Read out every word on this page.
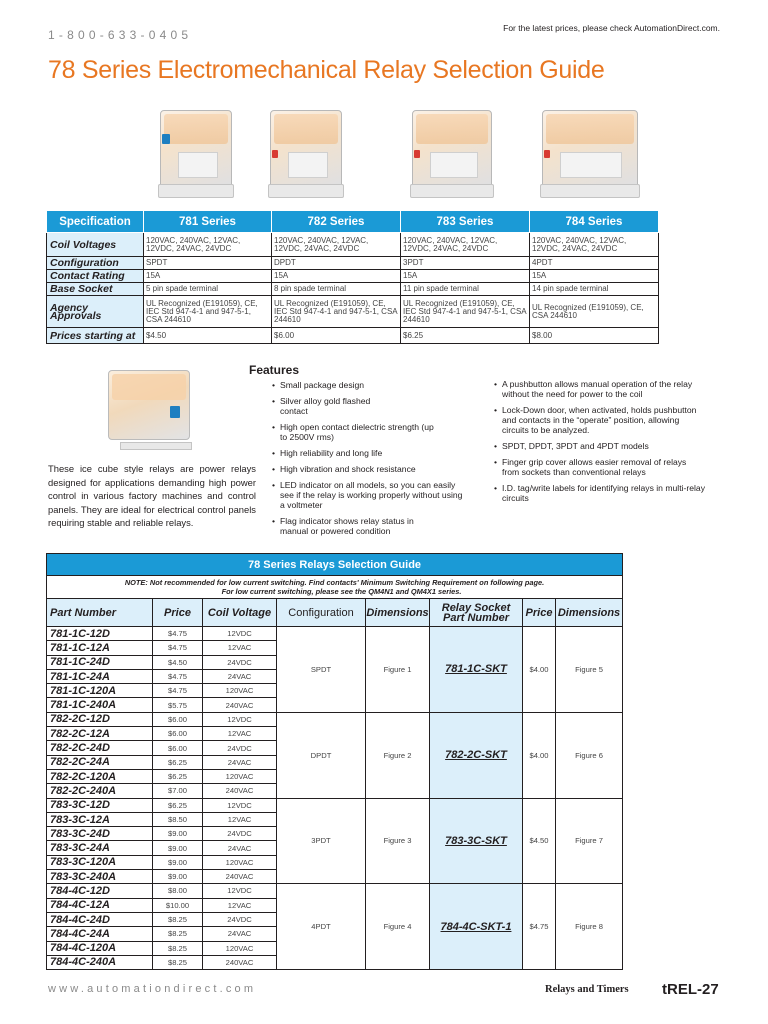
1-800-633-0405	For the latest prices, please check AutomationDirect.com.
78 Series Electromechanical Relay Selection Guide
Specification	781 Series	782 Series	783 Series	784 Series
Coil Voltages	120VAC, 240VAC, 12VAC, 12VDC, 24VAC, 24VDC	120VAC, 240VAC, 12VAC, 12VDC, 24VAC, 24VDC	120VAC, 240VAC, 12VAC, 12VDC, 24VAC, 24VDC	120VAC, 240VAC, 12VAC, 12VDC, 24VAC, 24VDC
Configuration	SPDT	DPDT	3PDT	4PDT
Contact Rating	15A	15A	15A	15A
Base Socket	5 pin spade terminal	8 pin spade terminal	11 pin spade terminal	14 pin spade terminal
Agency Approvals	UL Recognized (E191059), CE, IEC Std 947-4-1 and 947-5-1, CSA 244610	UL Recognized (E191059), CE, IEC Std 947-4-1 and 947-5-1, CSA 244610	UL Recognized (E191059), CE, IEC Std 947-4-1 and 947-5-1, CSA 244610	UL Recognized (E191059), CE, CSA 244610
Prices starting at	$4.50	$6.00	$6.25	$8.00
Features
• Small package design
• Silver alloy gold flashed contact
• High open contact dielectric strength (up to 2500V rms)
• High reliability and long life
• High vibration and shock resistance
• LED indicator on all models, so you can easily see if the relay is working properly without using a voltmeter
• Flag indicator shows relay status in manual or powered condition
• A pushbutton allows manual operation of the relay without the need for power to the coil
• Lock-Down door, when activated, holds pushbutton and contacts in the “operate” position, allowing circuits to be analyzed.
• SPDT, DPDT, 3PDT and 4PDT models
• Finger grip cover allows easier removal of relays from sockets than conventional relays
• I.D. tag/write labels for identifying relays in multi-relay circuits

These ice cube style relays are power relays designed for applications demanding high power control in various factory machines and control panels. They are ideal for electrical control panels requiring stable and reliable relays.

78 Series Relays Selection Guide							

NOTE: Not recommended for low current switching. Find contacts' Minimum Switching Requirement on following page.
For low current switching, please see the QM4N1 and QM4X1 series.							

Part Number	Price	Coil Voltage	Configuration	Dimensions	Relay Socket Part Number	Price	Dimensions
781-1C-12D	$4.75	12VDC	SPDT	Figure 1	781-1C-SKT	$4.00	Figure 5
781-1C-12A	$4.75	12VAC					
781-1C-24D	$4.50	24VDC					
781-1C-24A	$4.75	24VAC					
781-1C-120A	$4.75	120VAC					
781-1C-240A	$5.75	240VAC					
782-2C-12D	$6.00	12VDC	DPDT	Figure 2	782-2C-SKT	$4.00	Figure 6
782-2C-12A	$6.00	12VAC					
782-2C-24D	$6.00	24VDC					
782-2C-24A	$6.25	24VAC					
782-2C-120A	$6.25	120VAC					
782-2C-240A	$7.00	240VAC					
783-3C-12D	$6.25	12VDC	3PDT	Figure 3	783-3C-SKT	$4.50	Figure 7
783-3C-12A	$8.50	12VAC					
783-3C-24D	$9.00	24VDC					
783-3C-24A	$9.00	24VAC					
783-3C-120A	$9.00	120VAC					
783-3C-240A	$9.00	240VAC					
784-4C-12D	$8.00	12VDC	4PDT	Figure 4	784-4C-SKT-1	$4.75	Figure 8
784-4C-12A	$10.00	12VAC					
784-4C-24D	$8.25	24VDC					
784-4C-24A	$8.25	24VAC					
784-4C-120A	$8.25	120VAC					
784-4C-240A	$8.25	240VAC					
www.automationdirect.com	Relays and Timers tREL-27
